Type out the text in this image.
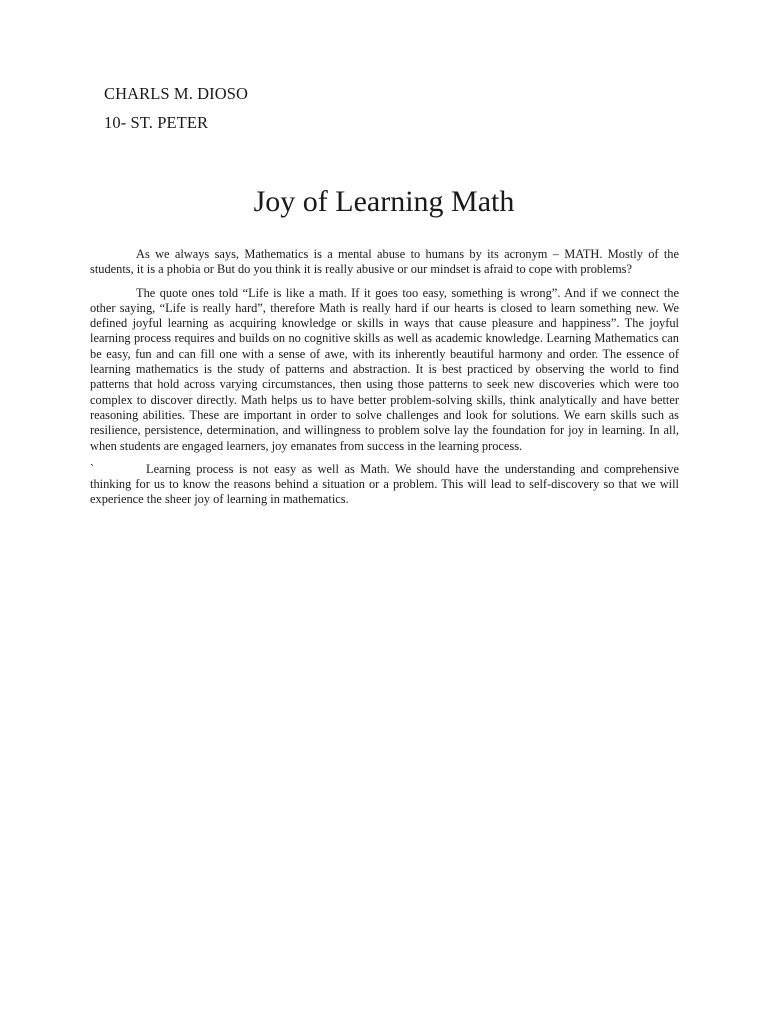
CHARLS M. DIOSO

10- ST. PETER

Joy of Learning Math

As we always says, Mathematics is a mental abuse to humans by its acronym – MATH. Mostly of the students, it is a phobia or But do you think it is really abusive or our mindset is afraid to cope with problems?

The quote ones told “Life is like a math. If it goes too easy, something is wrong”. And if we connect the other saying, “Life is really hard”, therefore Math is really hard if our hearts is closed to learn something new. We defined joyful learning as acquiring knowledge or skills in ways that cause pleasure and happiness”. The joyful learning process requires and builds on no cognitive skills as well as academic knowledge. Learning Mathematics can be easy, fun and can fill one with a sense of awe, with its inherently beautiful harmony and order. The essence of learning mathematics is the study of patterns and abstraction. It is best practiced by observing the world to find patterns that hold across varying circumstances, then using those patterns to seek new discoveries which were too complex to discover directly. Math helps us to have better problem-solving skills, think analytically and have better reasoning abilities. These are important in order to solve challenges and look for solutions. We earn skills such as resilience, persistence, determination, and willingness to problem solve lay the foundation for joy in learning. In all, when students are engaged learners, joy emanates from success in the learning process.

`	Learning process is not easy as well as Math. We should have the understanding and comprehensive thinking for us to know the reasons behind a situation or a problem. This will lead to self-discovery so that we will experience the sheer joy of learning in mathematics.
